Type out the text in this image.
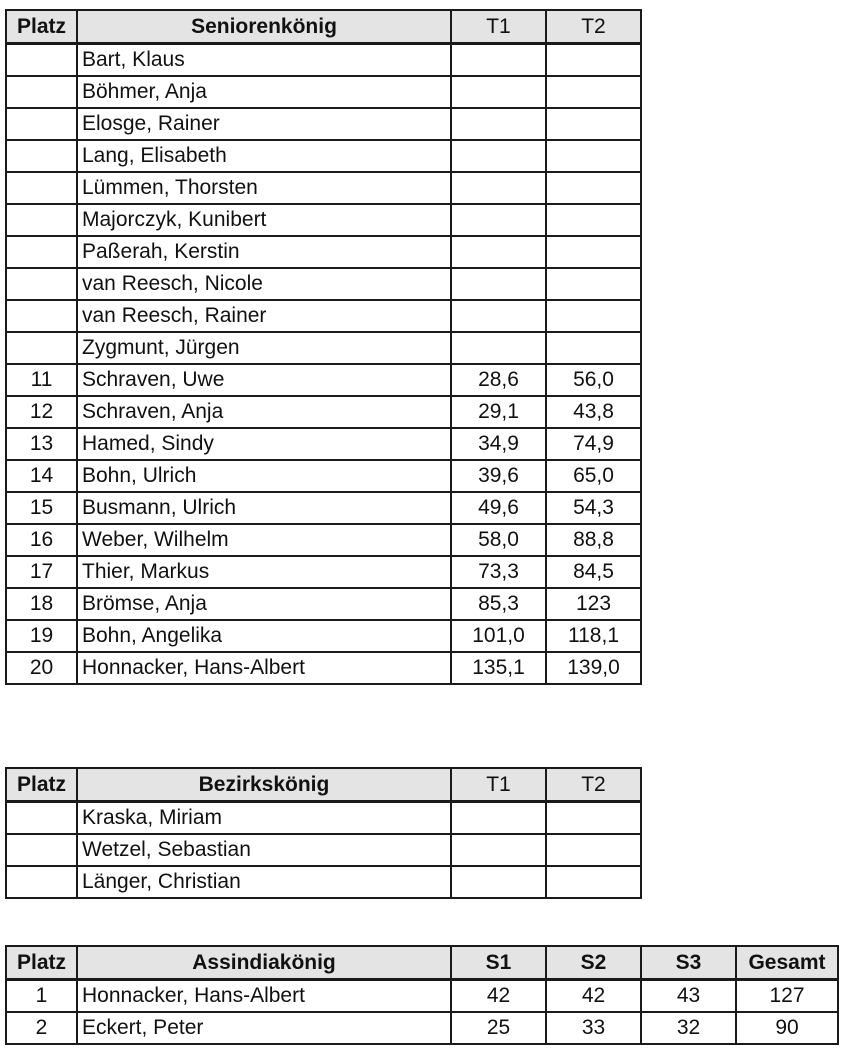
Platz	Seniorenkönig	T1	T2
	Bart, Klaus		
	Böhmer, Anja		
	Elosge, Rainer		
	Lang, Elisabeth		
	Lümmen, Thorsten		
	Majorczyk, Kunibert		
	Paßerah, Kerstin		
	van Reesch, Nicole		
	van Reesch, Rainer		
	Zygmunt, Jürgen		
11	Schraven, Uwe	28,6	56,0
12	Schraven, Anja	29,1	43,8
13	Hamed, Sindy	34,9	74,9
14	Bohn, Ulrich	39,6	65,0
15	Busmann, Ulrich	49,6	54,3
16	Weber, Wilhelm	58,0	88,8
17	Thier, Markus	73,3	84,5
18	Brömse, Anja	85,3	123
19	Bohn, Angelika	101,0	118,1
20	Honnacker, Hans-Albert	135,1	139,0
Platz	Bezirkskönig	T1	T2
	Kraska, Miriam		
	Wetzel, Sebastian		
	Länger, Christian		
Platz	Assindiakönig	S1	S2	S3	Gesamt
1	Honnacker, Hans-Albert	42	42	43	127
2	Eckert, Peter	25	33	32	90
